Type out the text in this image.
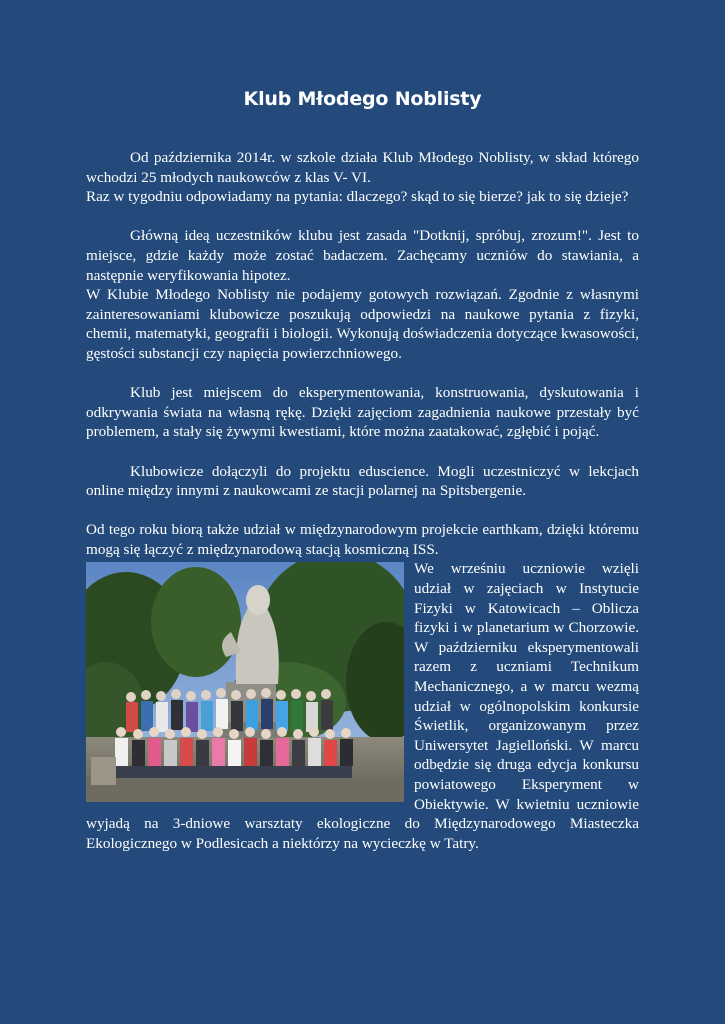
Klub Młodego Noblisty

Od października 2014r. w szkole działa Klub Młodego Noblisty, w skład którego wchodzi 25 młodych naukowców z klas V- VI.

Raz w tygodniu odpowiadamy na pytania: dlaczego? skąd to się bierze? jak to się dzieje?

Główną ideą uczestników klubu jest zasada "Dotknij, spróbuj, zrozum!". Jest to miejsce, gdzie każdy może zostać badaczem. Zachęcamy uczniów do stawiania, a następnie weryfikowania hipotez.

W Klubie Młodego Noblisty nie podajemy gotowych rozwiązań. Zgodnie z własnymi zainteresowaniami klubowicze poszukują odpowiedzi na naukowe pytania z fizyki, chemii, matematyki, geografii i biologii. Wykonują doświadczenia dotyczące kwasowości, gęstości substancji czy napięcia powierzchniowego.

Klub jest miejscem do eksperymentowania, konstruowania, dyskutowania i odkrywania świata na własną rękę. Dzięki zajęciom zagadnienia naukowe przestały być problemem, a stały się żywymi kwestiami, które można zaatakować, zgłębić i pojąć.

Klubowicze dołączyli do projektu eduscience. Mogli uczestniczyć w lekcjach online między innymi z naukowcami ze stacji polarnej na Spitsbergenie.

Od tego roku biorą także udział w międzynarodowym projekcie earthkam, dzięki któremu mogą się łączyć z międzynarodową stacją kosmiczną ISS.

We wrześniu uczniowie wzięli udział w zajęciach w Instytucie Fizyki w Katowicach – Oblicza fizyki i w planetarium w Chorzowie. W październiku eksperymentowali razem z uczniami Technikum Mechanicznego, a w marcu wezmą udział w ogólnopolskim konkursie Świetlik, organizowanym przez Uniwersytet Jagielloński. W marcu odbędzie się druga edycja konkursu powiatowego Eksperyment w Obiektywie. W kwietniu uczniowie wyjadą na 3-dniowe warsztaty ekologiczne do Międzynarodowego Miasteczka Ekologicznego w Podlesicach a niektórzy na wycieczkę w Tatry.
